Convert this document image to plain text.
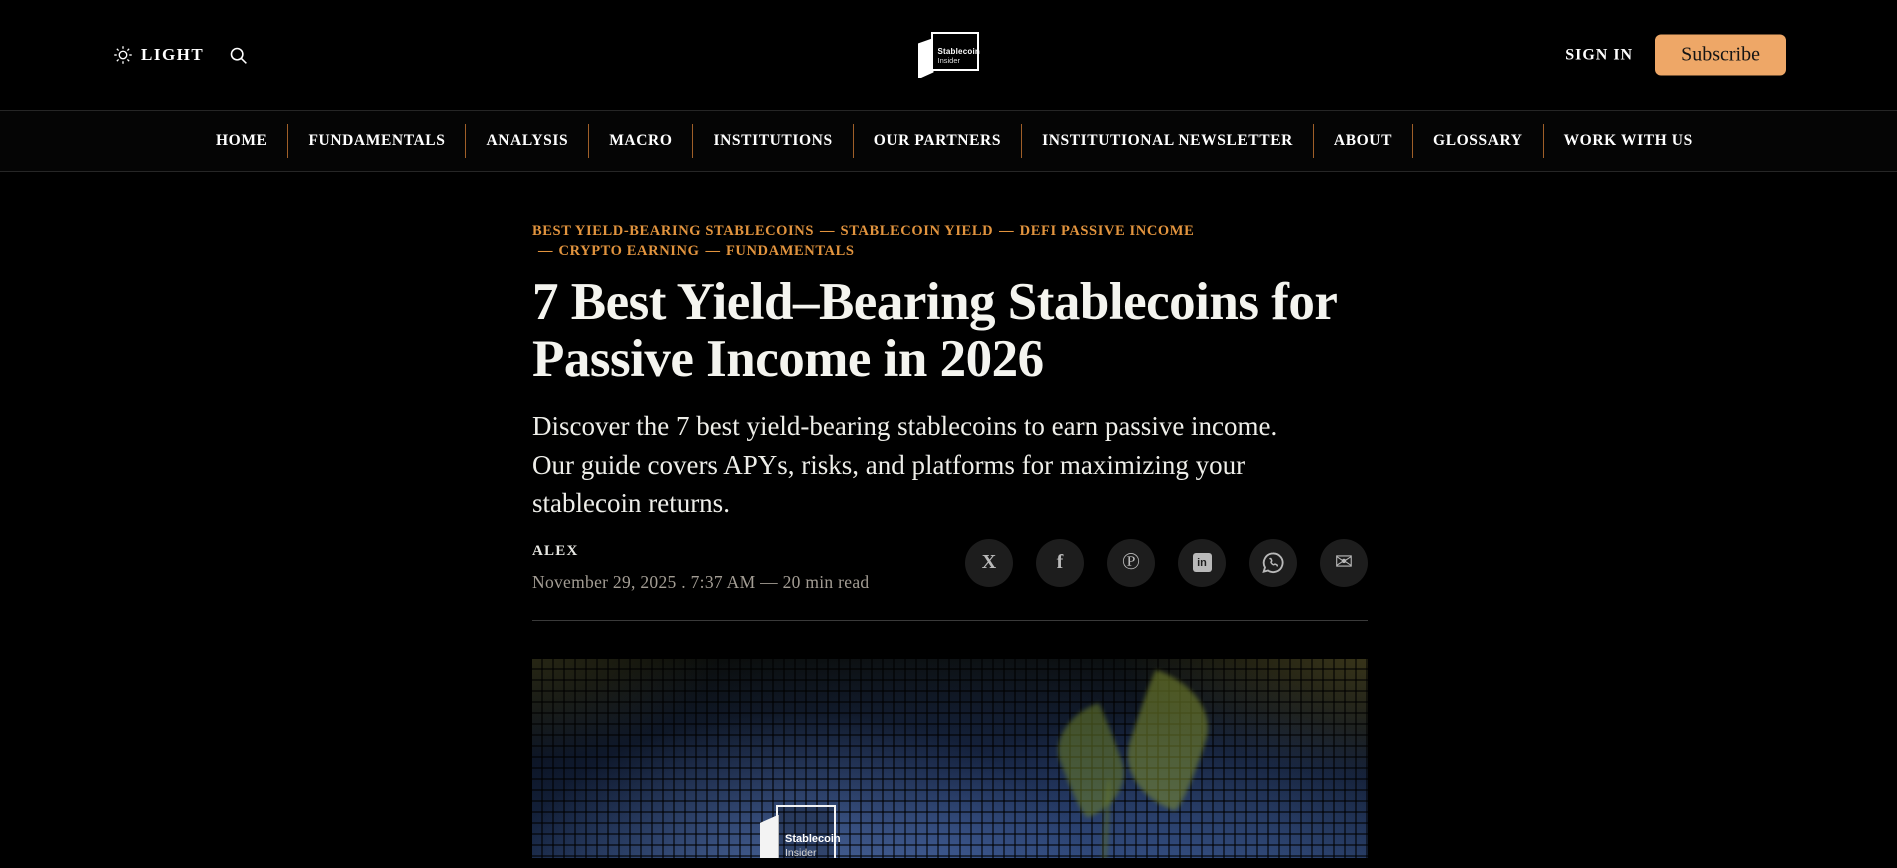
LIGHT	Stablecoin
Insider	SIGN IN	Subscribe
HOME	FUNDAMENTALS	ANALYSIS	MACRO	INSTITUTIONS	OUR PARTNERS	INSTITUTIONAL NEWSLETTER	ABOUT	GLOSSARY	WORK WITH US
BEST YIELD-BEARING STABLECOINS — STABLECOIN YIELD — DEFI PASSIVE INCOME— CRYPTO EARNING — FUNDAMENTALS
7 Best Yield–Bearing Stablecoins for
Passive Income in 2026

Discover the 7 best yield-bearing stablecoins to earn passive income. Our guide covers APYs, risks, and platforms for maximizing your stablecoin returns.

ALEX
November 29, 2025 . 7:37 AM — 20 min read
X	f ℗	in	✉
Stablecoin
Insider
